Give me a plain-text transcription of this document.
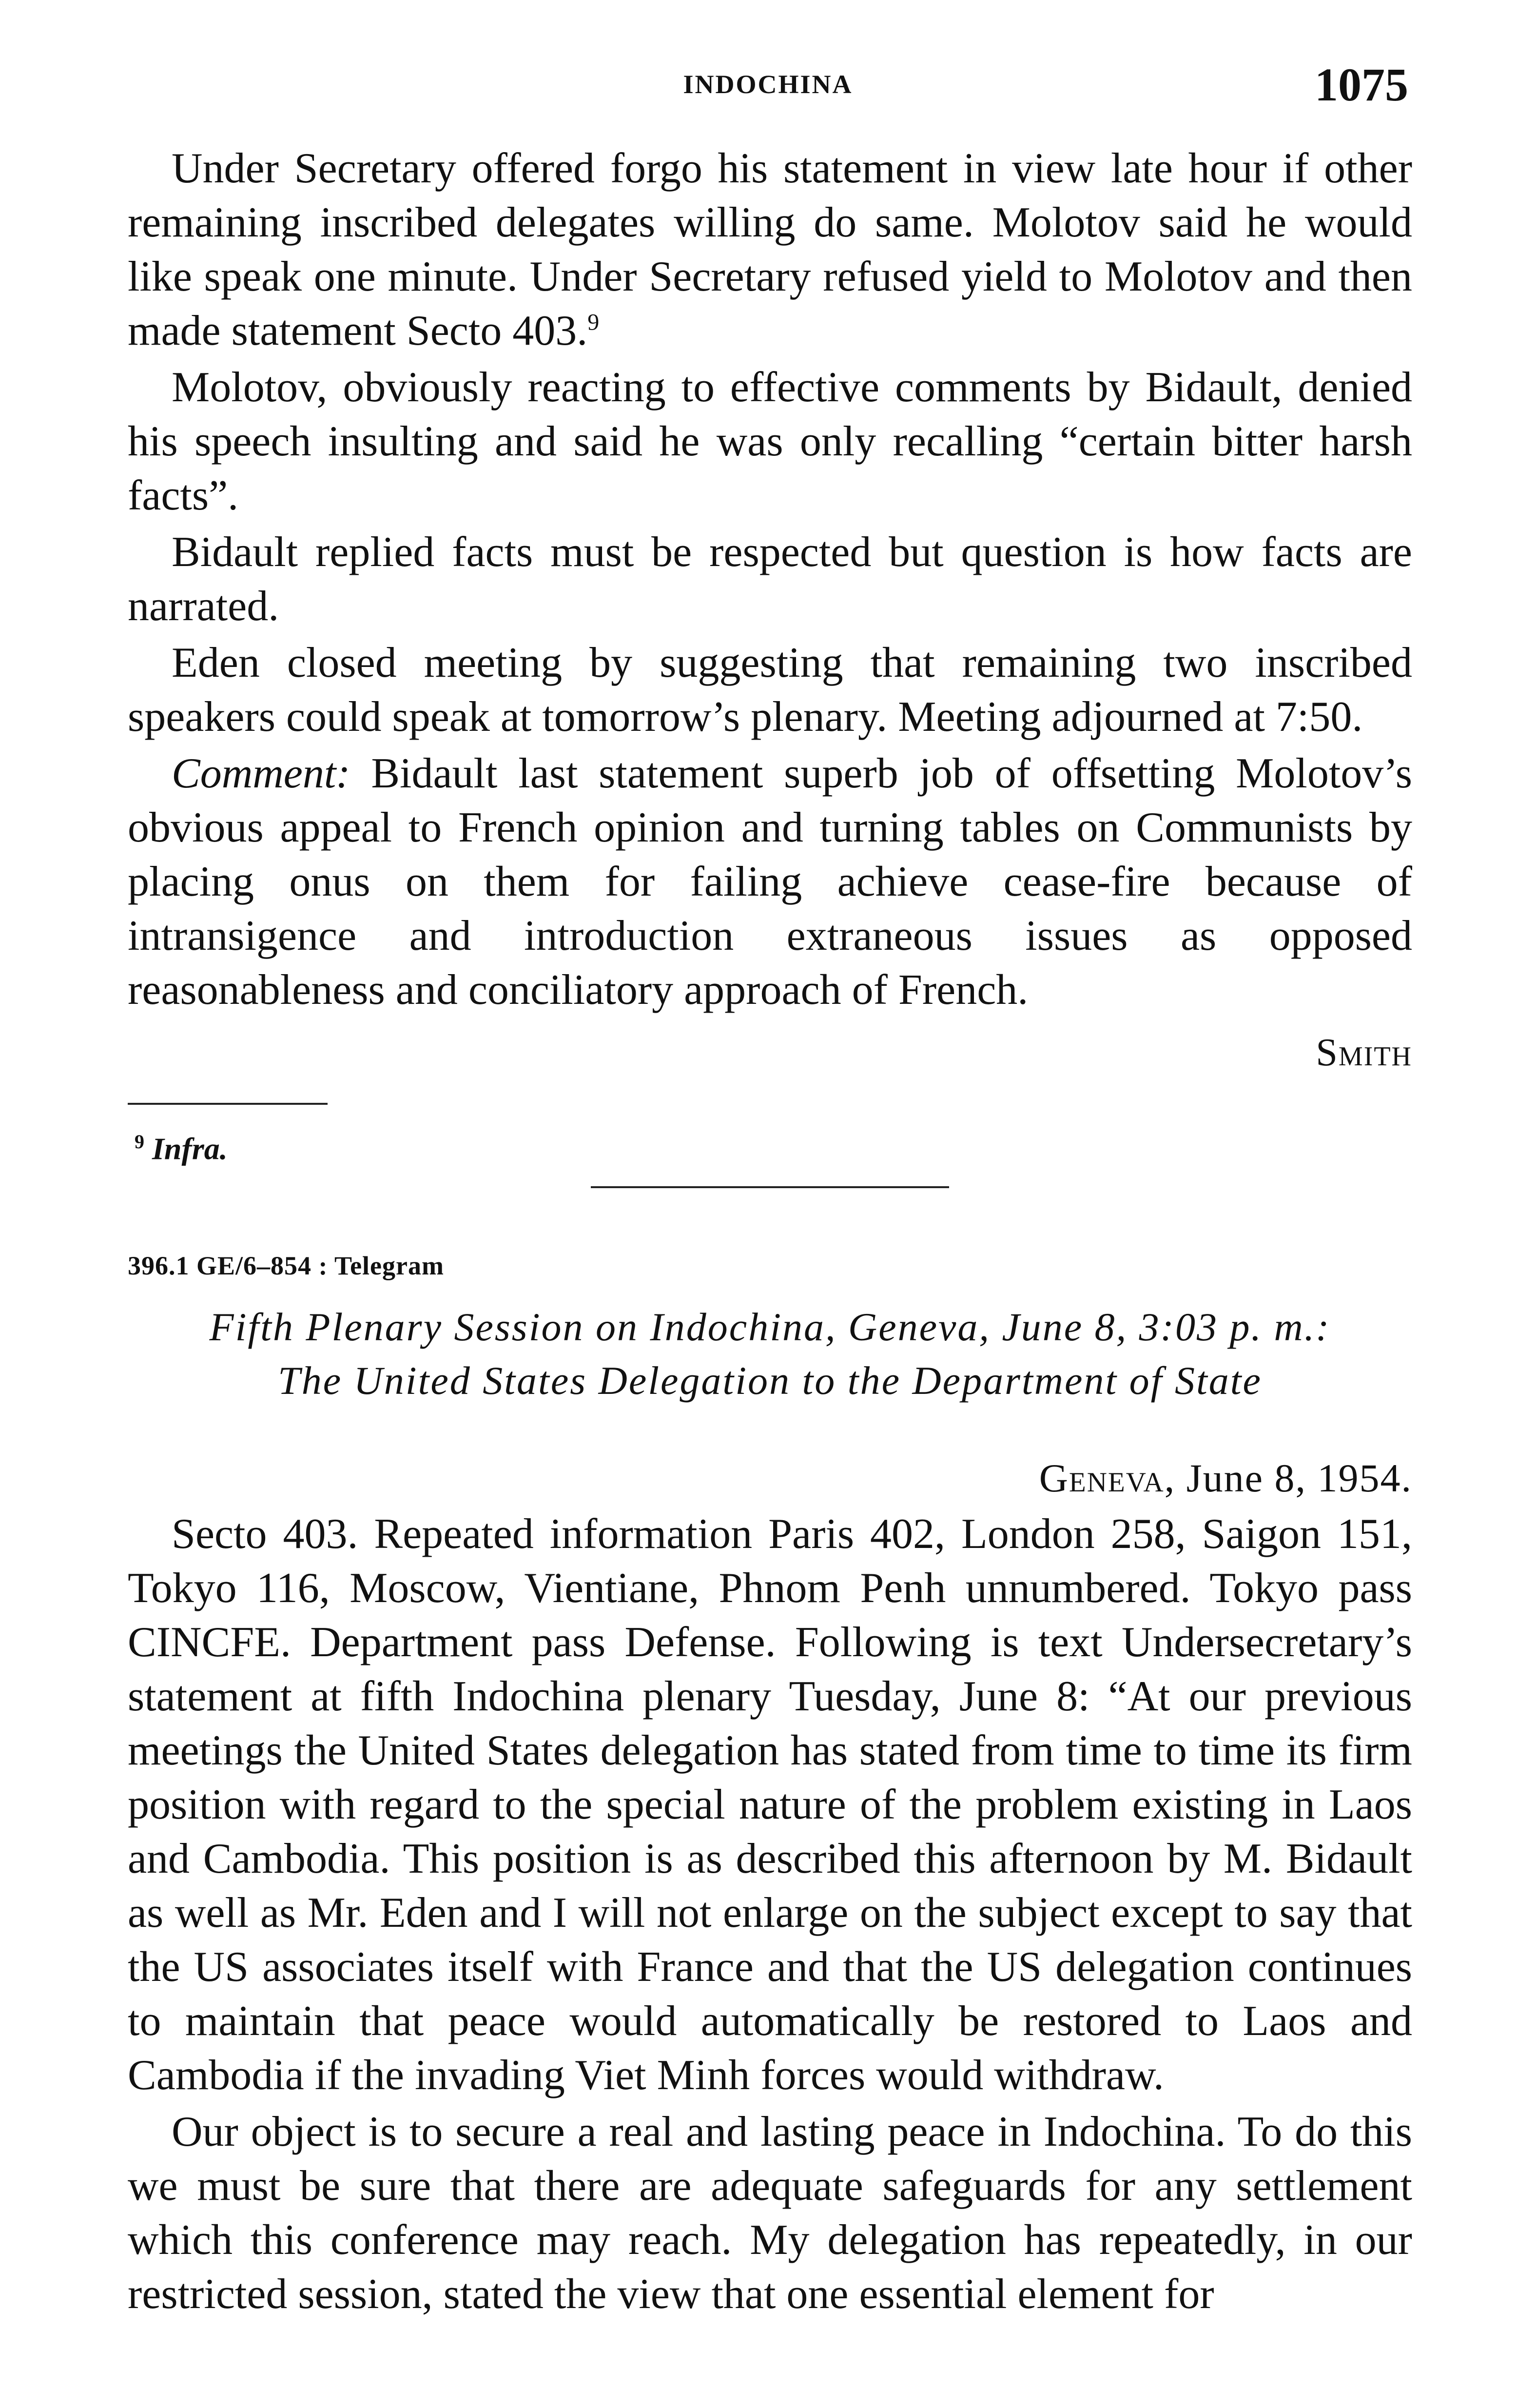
INDOCHINA	1075

Under Secretary offered forgo his statement in view late hour if other remaining inscribed delegates willing do same. Molotov said he would like speak one minute. Under Secretary refused yield to Molotov and then made statement Secto 403.$^9$

Molotov, obviously reacting to effective comments by Bidault, denied his speech insulting and said he was only recalling “certain bitter harsh facts”.

Bidault replied facts must be respected but question is how facts are narrated.

Eden closed meeting by suggesting that remaining two inscribed speakers could speak at tomorrow’s plenary. Meeting adjourned at 7:50.

Comment: Bidault last statement superb job of offsetting Molotov’s obvious appeal to French opinion and turning tables on Communists by placing onus on them for failing achieve cease-fire because of intransigence and introduction extraneous issues as opposed reasonableness and conciliatory approach of French.

Smith
$^9$ Infra.
396.1 GE/6–854 : Telegram
Fifth Plenary Session on Indochina, Geneva, June 8, 3:03 p. m.:
The United States Delegation to the Department of State
Geneva, June 8, 1954.

Secto 403. Repeated information Paris 402, London 258, Saigon 151, Tokyo 116, Moscow, Vientiane, Phnom Penh unnumbered. Tokyo pass CINCFE. Department pass Defense. Following is text Undersecretary’s statement at fifth Indochina plenary Tuesday, June 8: “At our previous meetings the United States delegation has stated from time to time its firm position with regard to the special nature of the problem existing in Laos and Cambodia. This position is as described this afternoon by M. Bidault as well as Mr. Eden and I will not enlarge on the subject except to say that the US associates itself with France and that the US delegation continues to maintain that peace would automatically be restored to Laos and Cambodia if the invading Viet Minh forces would withdraw.

Our object is to secure a real and lasting peace in Indochina. To do this we must be sure that there are adequate safeguards for any settlement which this conference may reach. My delegation has repeatedly, in our restricted session, stated the view that one essential element for
